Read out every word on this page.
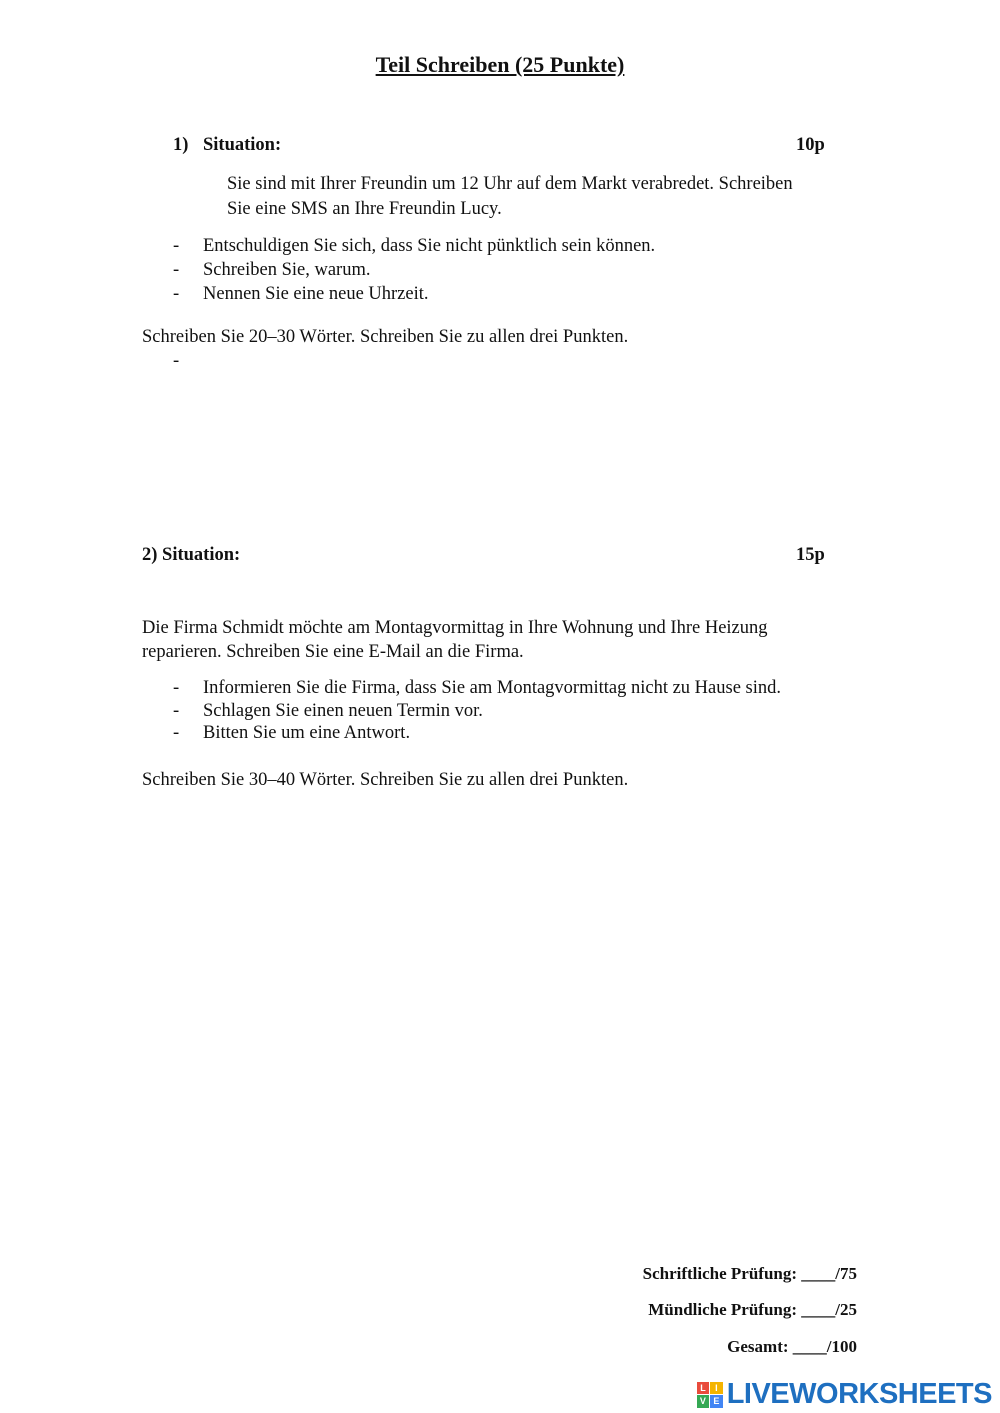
Teil Schreiben (25 Punkte)
1) Situation:	10p
Sie sind mit Ihrer Freundin um 12 Uhr auf dem Markt verabredet. Schreiben
Sie eine SMS an Ihre Freundin Lucy.
-	Entschuldigen Sie sich, dass Sie nicht pünktlich sein können.
-	Schreiben Sie, warum.
-	Nennen Sie eine neue Uhrzeit.
Schreiben Sie 20–30 Wörter. Schreiben Sie zu allen drei Punkten.
-
2) Situation:	15p
Die Firma Schmidt möchte am Montagvormittag in Ihre Wohnung und Ihre Heizung
reparieren. Schreiben Sie eine E-Mail an die Firma.
-	Informieren Sie die Firma, dass Sie am Montagvormittag nicht zu Hause sind.
-	Schlagen Sie einen neuen Termin vor.
-	Bitten Sie um eine Antwort.
Schreiben Sie 30–40 Wörter. Schreiben Sie zu allen drei Punkten.
Schriftliche Prüfung: ____/75
Mündliche Prüfung: ____/25
Gesamt: ____/100
L	I
V E LIVEWORKSHEETS
